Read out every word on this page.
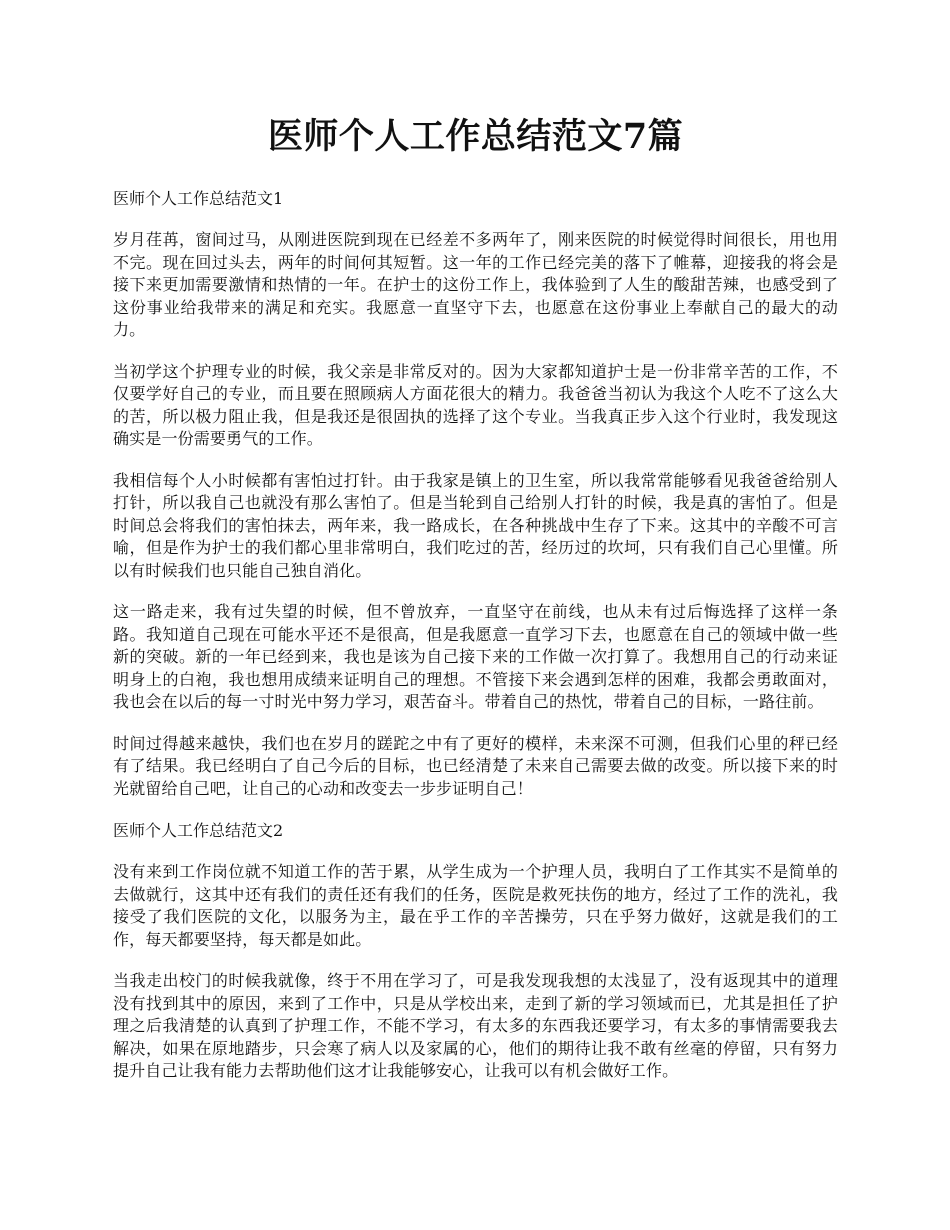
医师个人工作总结范文7篇
医师个人工作总结范文1

岁月荏苒，窗间过马，从刚进医院到现在已经差不多两年了，刚来医院的时候觉得时间很长，用也用不完。现在回过头去，两年的时间何其短暂。这一年的工作已经完美的落下了帷幕，迎接我的将会是接下来更加需要激情和热情的一年。在护士的这份工作上，我体验到了人生的酸甜苦辣，也感受到了这份事业给我带来的满足和充实。我愿意一直坚守下去，也愿意在这份事业上奉献自己的最大的动力。

当初学这个护理专业的时候，我父亲是非常反对的。因为大家都知道护士是一份非常辛苦的工作，不仅要学好自己的专业，而且要在照顾病人方面花很大的精力。我爸爸当初认为我这个人吃不了这么大的苦，所以极力阻止我，但是我还是很固执的选择了这个专业。当我真正步入这个行业时，我发现这确实是一份需要勇气的工作。

我相信每个人小时候都有害怕过打针。由于我家是镇上的卫生室，所以我常常能够看见我爸爸给别人打针，所以我自己也就没有那么害怕了。但是当轮到自己给别人打针的时候，我是真的害怕了。但是时间总会将我们的害怕抹去，两年来，我一路成长，在各种挑战中生存了下来。这其中的辛酸不可言喻，但是作为护士的我们都心里非常明白，我们吃过的苦，经历过的坎坷，只有我们自己心里懂。所以有时候我们也只能自己独自消化。

这一路走来，我有过失望的时候，但不曾放弃，一直坚守在前线，也从未有过后悔选择了这样一条路。我知道自己现在可能水平还不是很高，但是我愿意一直学习下去，也愿意在自己的领域中做一些新的突破。新的一年已经到来，我也是该为自己接下来的工作做一次打算了。我想用自己的行动来证明身上的白袍，我也想用成绩来证明自己的理想。不管接下来会遇到怎样的困难，我都会勇敢面对，我也会在以后的每一寸时光中努力学习，艰苦奋斗。带着自己的热忱，带着自己的目标，一路往前。

时间过得越来越快，我们也在岁月的蹉跎之中有了更好的模样，未来深不可测，但我们心里的秤已经有了结果。我已经明白了自己今后的目标，也已经清楚了未来自己需要去做的改变。所以接下来的时光就留给自己吧，让自己的心动和改变去一步步证明自己！

医师个人工作总结范文2

没有来到工作岗位就不知道工作的苦于累，从学生成为一个护理人员，我明白了工作其实不是简单的去做就行，这其中还有我们的责任还有我们的任务，医院是救死扶伤的地方，经过了工作的洗礼，我接受了我们医院的文化，以服务为主，最在乎工作的辛苦操劳，只在乎努力做好，这就是我们的工作，每天都要坚持，每天都是如此。

当我走出校门的时候我就像，终于不用在学习了，可是我发现我想的太浅显了，没有返现其中的道理没有找到其中的原因，来到了工作中，只是从学校出来，走到了新的学习领域而已，尤其是担任了护理之后我清楚的认真到了护理工作，不能不学习，有太多的东西我还要学习，有太多的事情需要我去解决，如果在原地踏步，只会寒了病人以及家属的心，他们的期待让我不敢有丝毫的停留，只有努力提升自己让我有能力去帮助他们这才让我能够安心，让我可以有机会做好工作。
